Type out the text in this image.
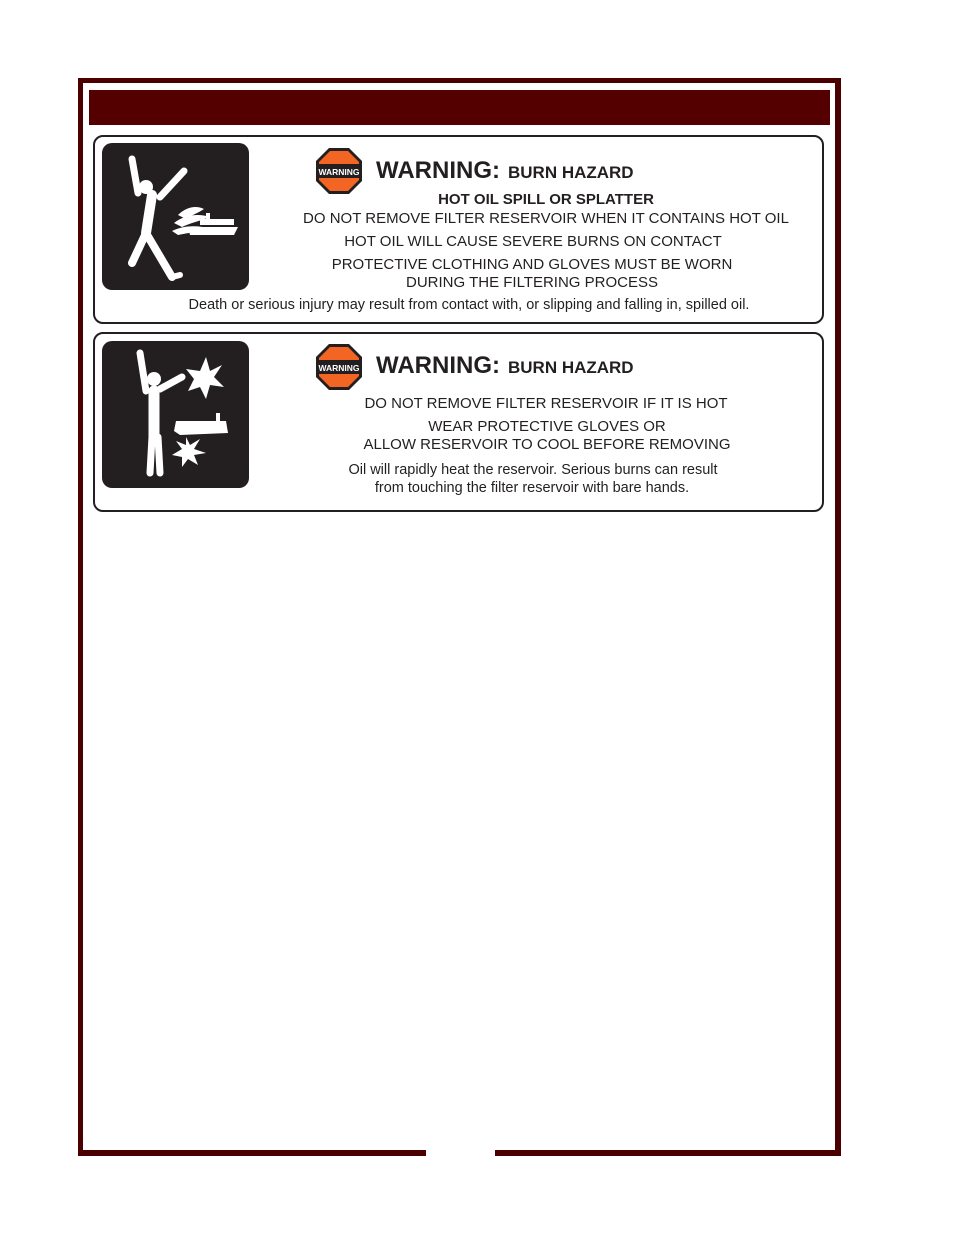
WARNING WARNING: BURN HAZARD
HOT OIL SPILL OR SPLATTER
DO NOT REMOVE FILTER RESERVOIR WHEN IT CONTAINS HOT OIL
HOT OIL WILL CAUSE SEVERE BURNS ON CONTACT
PROTECTIVE CLOTHING AND GLOVES MUST BE WORN
DURING THE FILTERING PROCESS
Death or serious injury may result from contact with, or slipping and falling in, spilled oil.
WARNING WARNING: BURN HAZARD
DO NOT REMOVE FILTER RESERVOIR IF IT IS HOT
WEAR PROTECTIVE GLOVES OR
ALLOW RESERVOIR TO COOL BEFORE REMOVING
Oil will rapidly heat the reservoir. Serious burns can result
from touching the filter reservoir with bare hands.
